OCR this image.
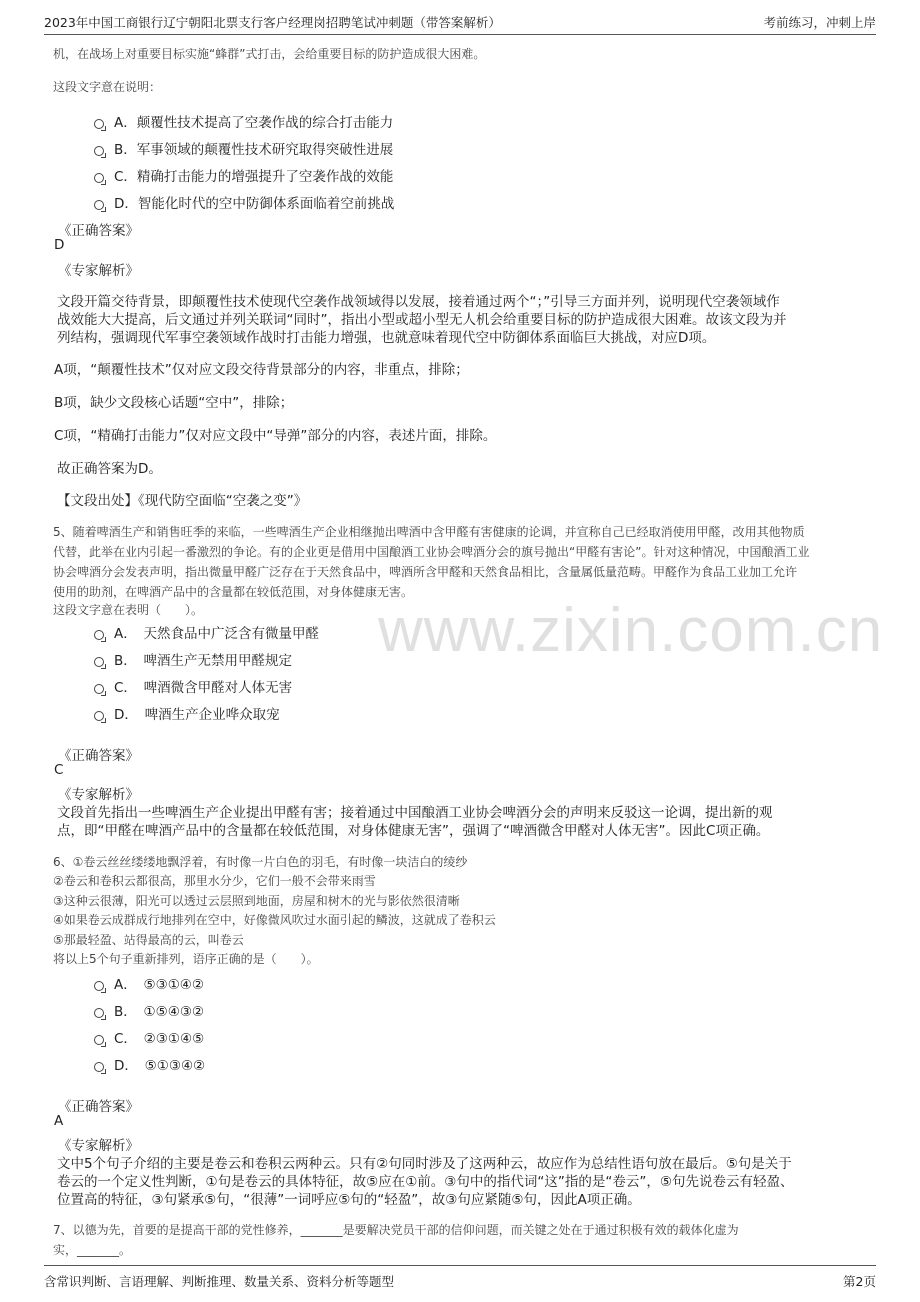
2023年中国工商银行辽宁朝阳北票支行客户经理岗招聘笔试冲刺题（带答案解析）	考前练习，冲刺上岸
www.zixin.com.cn
机，在战场上对重要目标实施“蜂群”式打击，会给重要目标的防护造成很大困难。
这段文字意在说明：
A．颠覆性技术提高了空袭作战的综合打击能力
B．军事领域的颠覆性技术研究取得突破性进展
C．精确打击能力的增强提升了空袭作战的效能
D．智能化时代的空中防御体系面临着空前挑战
《正确答案》
D
《专家解析》
文段开篇交待背景，即颠覆性技术使现代空袭作战领域得以发展，接着通过两个“；”引导三方面并列，说明现代空袭领域作
战效能大大提高，后文通过并列关联词“同时”，指出小型或超小型无人机会给重要目标的防护造成很大困难。故该文段为并
列结构，强调现代军事空袭领域作战时打击能力增强，也就意味着现代空中防御体系面临巨大挑战，对应D项。
A项，“颠覆性技术”仅对应文段交待背景部分的内容，非重点，排除；
B项，缺少文段核心话题“空中”，排除；
C项，“精确打击能力”仅对应文段中“导弹”部分的内容，表述片面，排除。
故正确答案为D。
【文段出处】《现代防空面临“空袭之变”》
5、随着啤酒生产和销售旺季的来临，一些啤酒生产企业相继抛出啤酒中含甲醛有害健康的论调，并宣称自己已经取消使用甲醛，改用其他物质
代替，此举在业内引起一番激烈的争论。有的企业更是借用中国酿酒工业协会啤酒分会的旗号抛出“甲醛有害论”。针对这种情况，中国酿酒工业
协会啤酒分会发表声明，指出微量甲醛广泛存在于天然食品中，啤酒所含甲醛和天然食品相比，含量属低量范畴。甲醛作为食品工业加工允许
使用的助剂，在啤酒产品中的含量都在较低范围，对身体健康无害。
这段文字意在表明（　　）。
A．　天然食品中广泛含有微量甲醛
B．　啤酒生产无禁用甲醛规定
C．　啤酒微含甲醛对人体无害
D．　啤酒生产企业哗众取宠
《正确答案》
C
《专家解析》
文段首先指出一些啤酒生产企业提出甲醛有害；接着通过中国酿酒工业协会啤酒分会的声明来反驳这一论调，提出新的观
点，即“甲醛在啤酒产品中的含量都在较低范围，对身体健康无害”，强调了“啤酒微含甲醛对人体无害”。因此C项正确。
6、①卷云丝丝缕缕地飘浮着，有时像一片白色的羽毛，有时像一块洁白的绫纱
②卷云和卷积云都很高，那里水分少，它们一般不会带来雨雪
③这种云很薄，阳光可以透过云层照到地面，房屋和树木的光与影依然很清晰
④如果卷云成群成行地排列在空中，好像微风吹过水面引起的鳞波，这就成了卷积云
⑤那最轻盈、站得最高的云，叫卷云
将以上5个句子重新排列，语序正确的是（　　）。
A．　⑤③①④②
B．　①⑤④③②
C．　②③①④⑤
D．　⑤①③④②
《正确答案》
A
《专家解析》
文中5个句子介绍的主要是卷云和卷积云两种云。只有②句同时涉及了这两种云，故应作为总结性语句放在最后。⑤句是关于
卷云的一个定义性判断，①句是卷云的具体特征，故⑤应在①前。③句中的指代词“这”指的是“卷云”，⑤句先说卷云有轻盈、
位置高的特征，③句紧承⑤句，“很薄”一词呼应⑤句的“轻盈”，故③句应紧随⑤句，因此A项正确。
7、以德为先，首要的是提高干部的党性修养，_______是要解决党员干部的信仰问题，而关键之处在于通过积极有效的载体化虚为
实，_______。
含常识判断、言语理解、判断推理、数量关系、资料分析等题型	第2页
